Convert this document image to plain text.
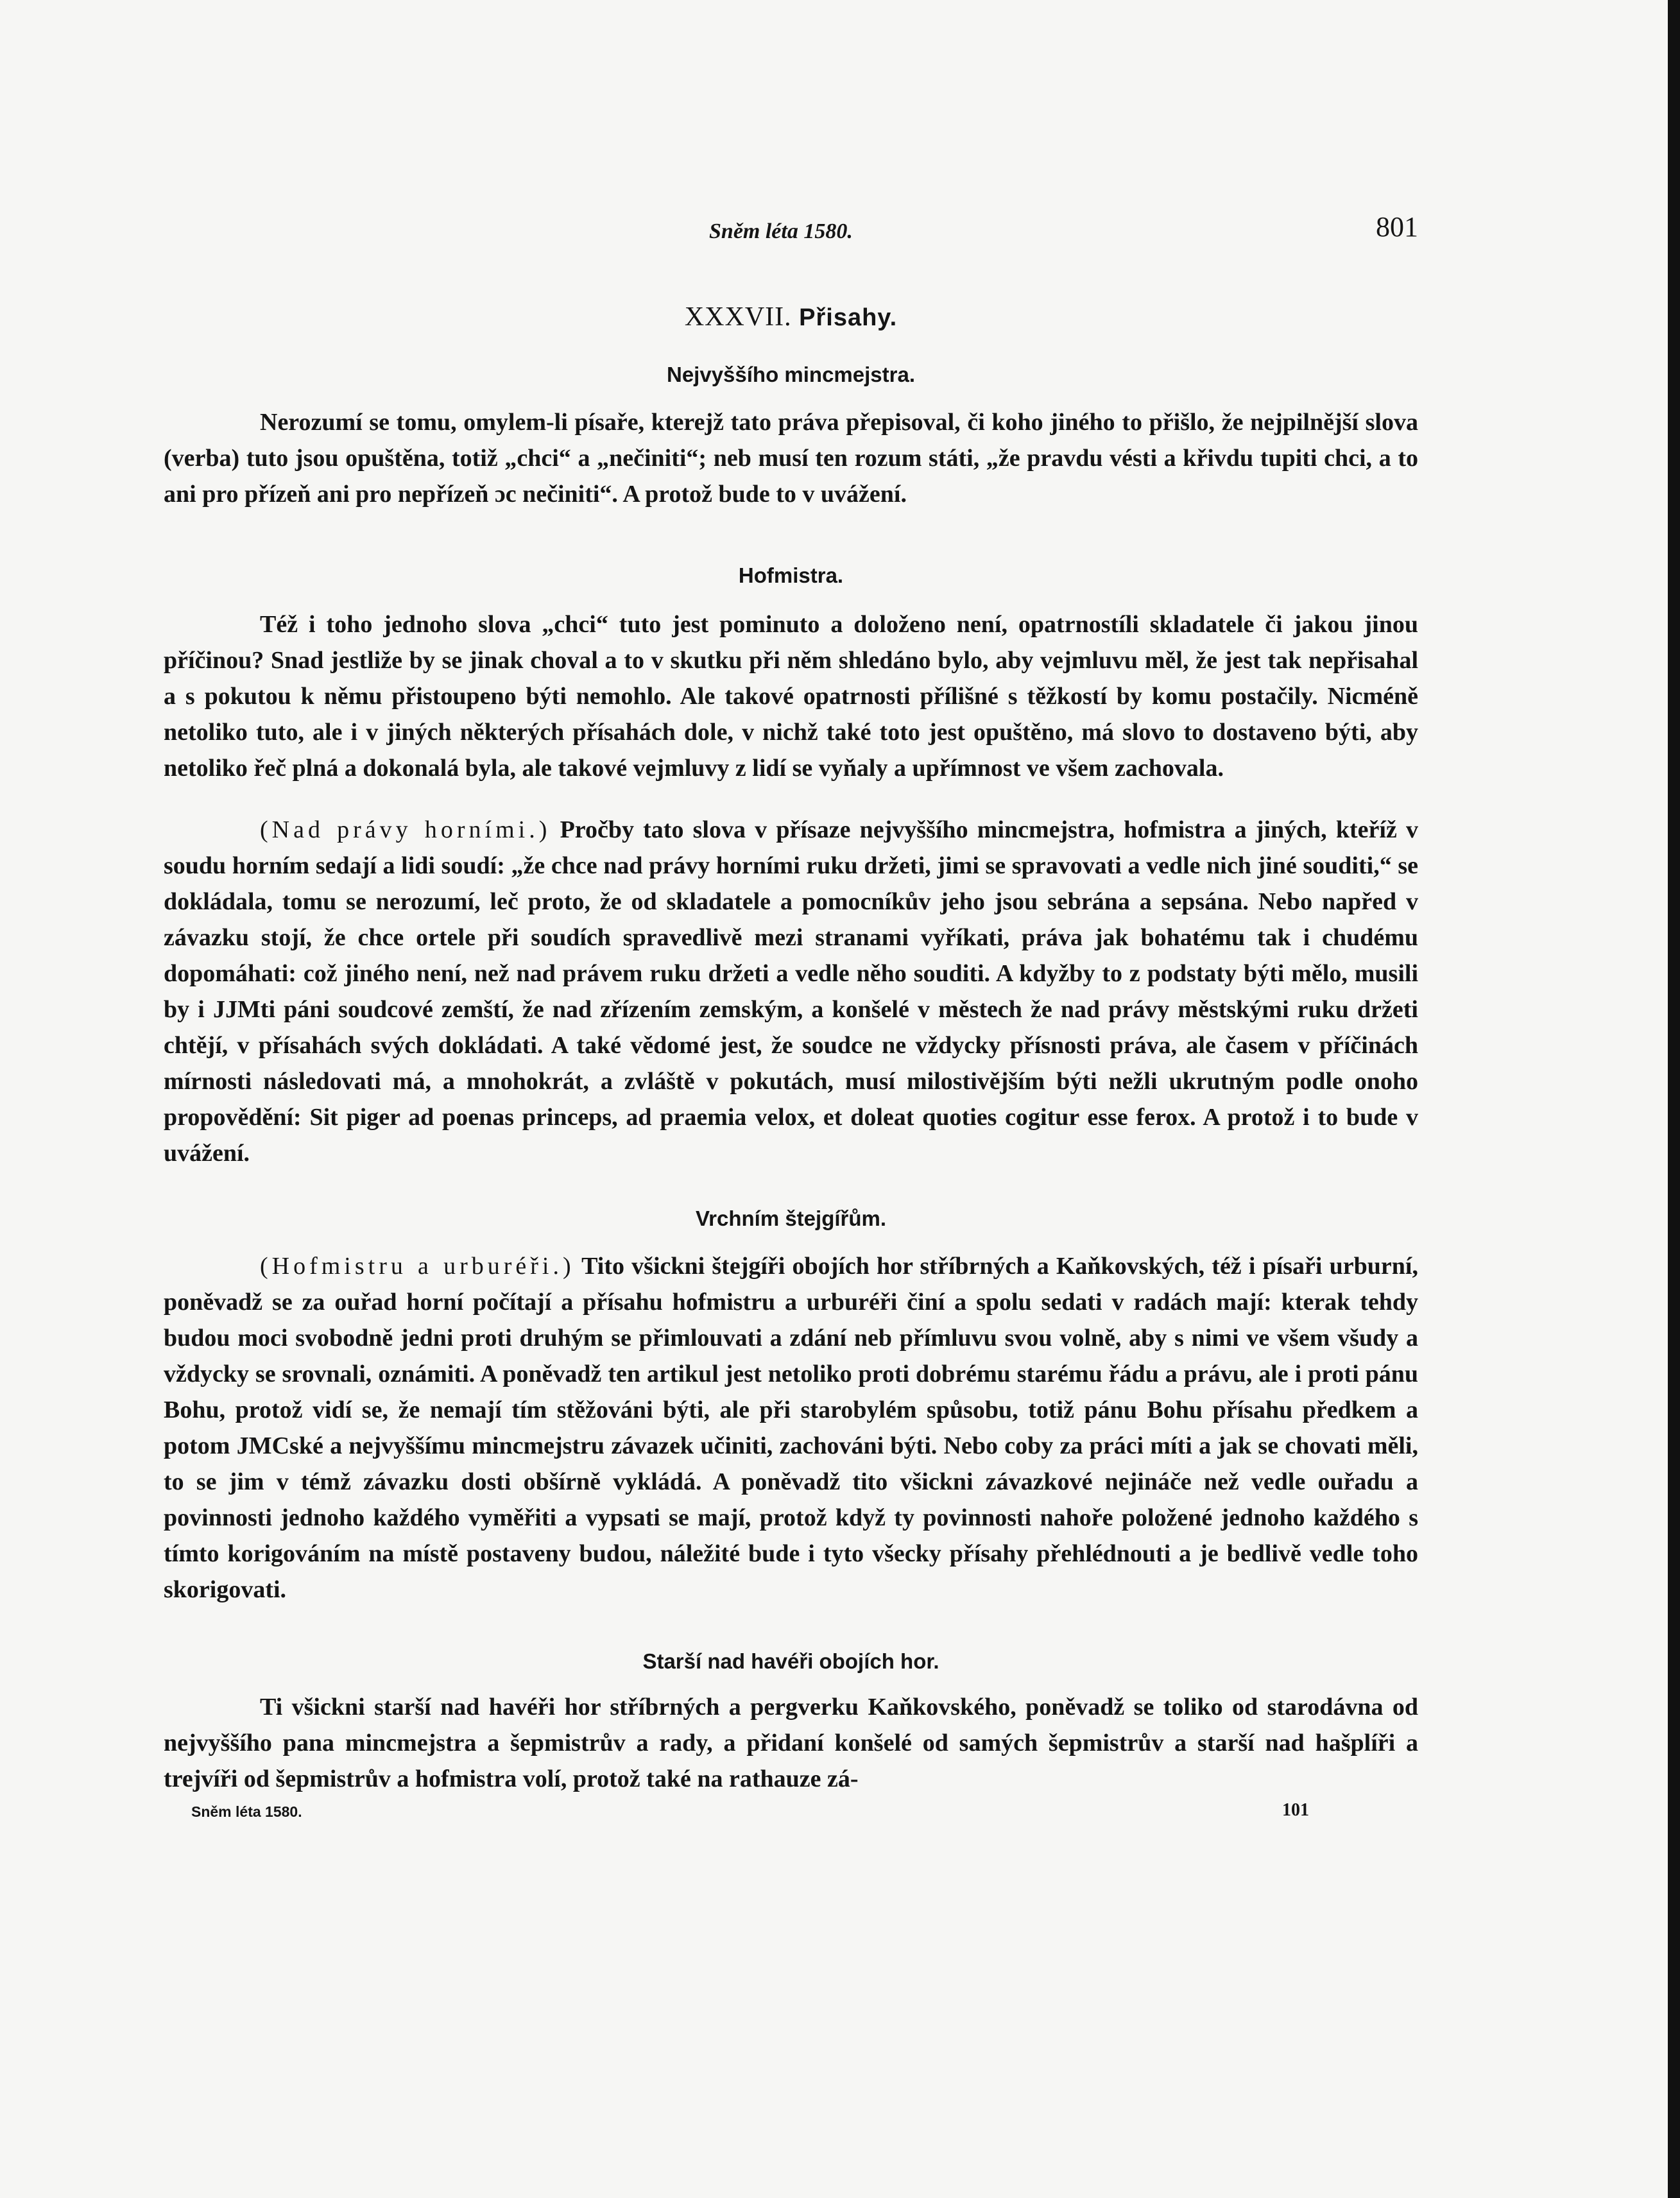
Sněm léta 1580.	801
XXXVII. Přisahy.
Nejvyššího mincmejstra.

Nerozumí se tomu, omylem-li písaře, kterejž tato práva přepisoval, či koho jiného to přišlo, že nejpilnější slova (verba) tuto jsou opuštěna, totiž „chci“ a „nečiniti“; neb musí ten rozum státi, „že pravdu vésti a křivdu tupiti chci, a to ani pro přízeň ani pro nepřízeň ɔc nečiniti“. A protož bude to v uvážení.

Hofmistra.

Též i toho jednoho slova „chci“ tuto jest pominuto a doloženo není, opatrnostíli skladatele či jakou jinou příčinou? Snad jestliže by se jinak choval a to v skutku při něm shledáno bylo, aby vejmluvu měl, že jest tak nepřisahal a s pokutou k němu přistoupeno býti nemohlo. Ale takové opatrnosti přílišné s těžkostí by komu postačily. Nicméně netoliko tuto, ale i v jiných některých přísahách dole, v nichž také toto jest opuštěno, má slovo to dostaveno býti, aby netoliko řeč plná a dokonalá byla, ale takové vejmluvy z lidí se vyňaly a upřímnost ve všem zachovala.

(Nad právy horními.) Pročby tato slova v přísaze nejvyššího mincmejstra, hofmistra a jiných, kteříž v soudu horním sedají a lidi soudí: „že chce nad právy horními ruku držeti, jimi se spravovati a vedle nich jiné souditi,“ se dokládala, tomu se nerozumí, leč proto, že od skladatele a pomocníkův jeho jsou sebrána a sepsána. Nebo napřed v závazku stojí, že chce ortele při soudích spravedlivě mezi stranami vyříkati, práva jak bohatému tak i chudému dopomáhati: což jiného není, než nad právem ruku držeti a vedle něho souditi. A kdyžby to z podstaty býti mělo, musili by i JJMti páni soudcové zemští, že nad zřízením zemským, a konšelé v městech že nad právy městskými ruku držeti chtějí, v přísahách svých dokládati. A také vědomé jest, že soudce ne vždycky přísnosti práva, ale časem v příčinách mírnosti následovati má, a mnohokrát, a zvláště v pokutách, musí milostivějším býti nežli ukrutným podle onoho propovědění: Sit piger ad poenas princeps, ad praemia velox, et doleat quoties cogitur esse ferox. A protož i to bude v uvážení.

Vrchním štejgířům.

(Hofmistru a urburéři.) Tito všickni štejgíři obojích hor stříbrných a Kaňkovských, též i písaři urburní, poněvadž se za ouřad horní počítají a přísahu hofmistru a urburéři činí a spolu sedati v radách mají: kterak tehdy budou moci svobodně jedni proti druhým se přimlouvati a zdání neb přímluvu svou volně, aby s nimi ve všem všudy a vždycky se srovnali, oznámiti. A poněvadž ten artikul jest netoliko proti dobrému starému řádu a právu, ale i proti pánu Bohu, protož vidí se, že nemají tím stěžováni býti, ale při starobylém spůsobu, totiž pánu Bohu přísahu předkem a potom JMCské a nejvyššímu mincmejstru závazek učiniti, zachováni býti. Nebo coby za práci míti a jak se chovati měli, to se jim v témž závazku dosti obšírně vykládá. A poněvadž tito všickni závazkové nejináče než vedle ouřadu a povinnosti jednoho každého vyměřiti a vypsati se mají, protož když ty povinnosti nahoře položené jednoho každého s tímto korigováním na místě postaveny budou, náležité bude i tyto všecky přísahy přehlédnouti a je bedlivě vedle toho skorigovati.

Starší nad havéři obojích hor.

Ti všickni starší nad havéři hor stříbrných a pergverku Kaňkovského, poněvadž se toliko od starodávna od nejvyššího pana mincmejstra a šepmistrův a rady, a přidaní konšelé od samých šepmistrův a starší nad hašplíři a trejvíři od šepmistrův a hofmistra volí, protož také na rathauze zá-

Sněm léta 1580.	101
